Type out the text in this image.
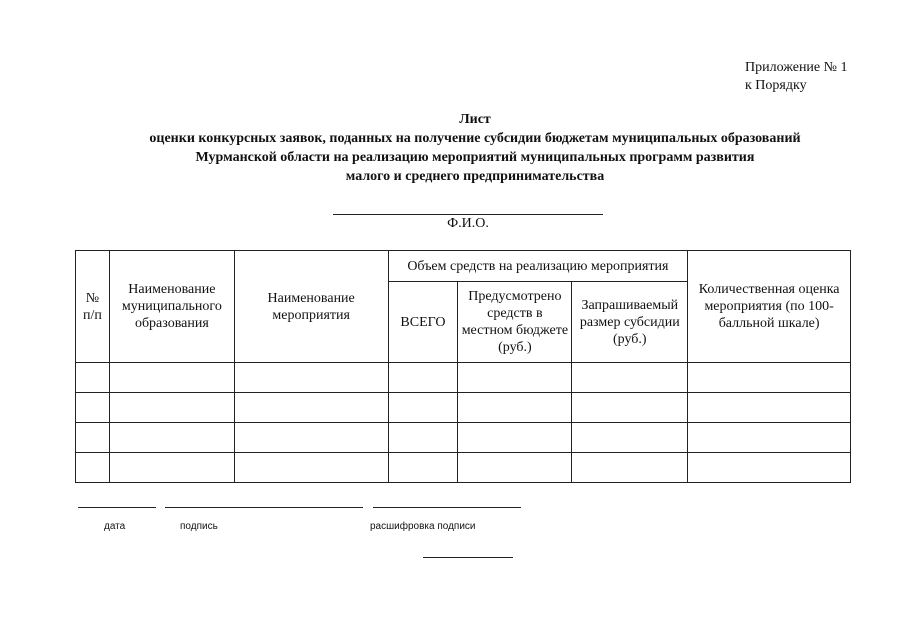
Приложение № 1
к Порядку
Лист
оценки конкурсных заявок, поданных на получение субсидии бюджетам муниципальных образований
Мурманской области на реализацию мероприятий муниципальных программ развития
малого и среднего предпринимательства
Ф.И.О.
№ п/п	Наименование муниципального образования	Наименование мероприятия	Объем средств на реализацию мероприятия			Количественная оценка мероприятия (по 100-балльной шкале)
			ВСЕГО	Предусмотрено средств в местном бюджете (руб.)	Запрашиваемый размер субсидии (руб.)	

дата	подпись	расшифровка подписи
